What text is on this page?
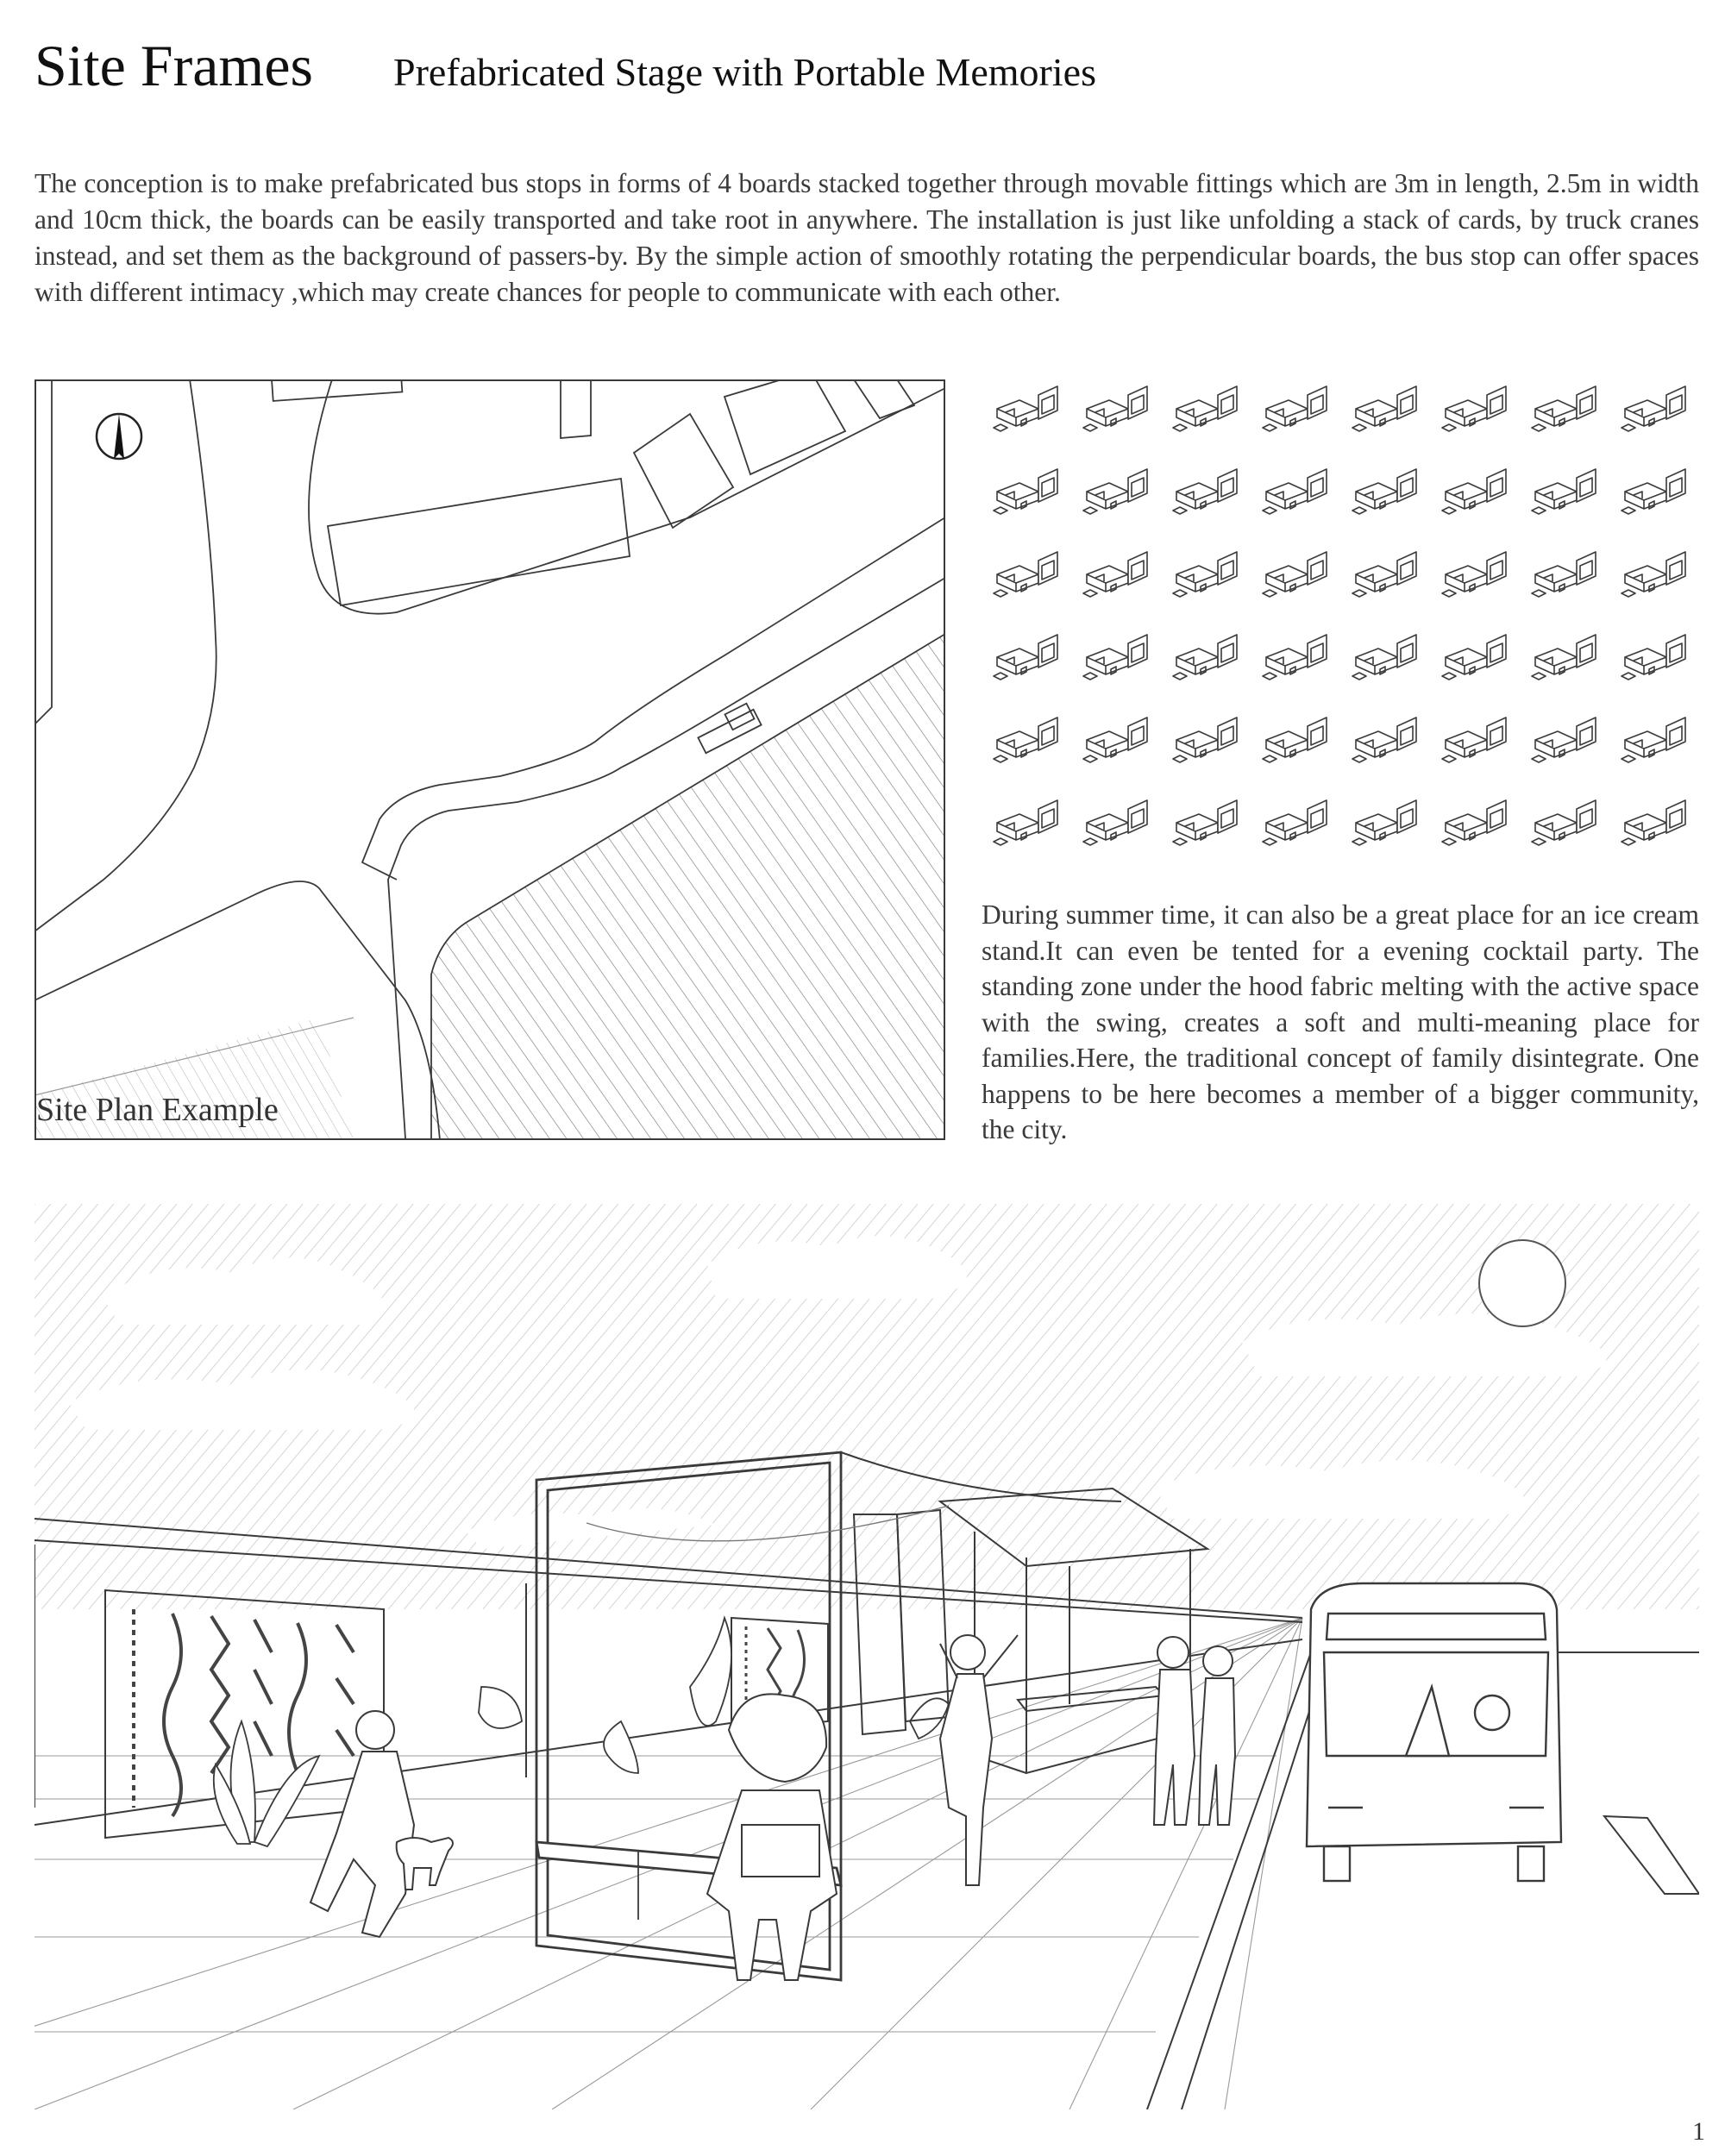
Site Frames Prefabricated Stage with Portable Memories

The conception is to make prefabricated bus stops in forms of 4 boards stacked together through movable fittings which are 3m in length, 2.5m in width and 10cm thick, the boards can be easily transported and take root in anywhere. The installation is just like unfolding a stack of cards, by truck cranes instead, and set them as the background of passers-by. By the simple action of smoothly rotating the perpendicular boards, the bus stop can offer spaces with different intimacy ,which may create chances for people to communicate with each other.

Site Plan Example

During summer time, it can also be a great place for an ice cream stand.It can even be tented for a evening cocktail party. The standing zone under the hood fabric melting with the active space with the swing, creates a soft and multi-meaning place for families.Here, the traditional concept of family disintegrate. One happens to be here becomes a member of a bigger community, the city.

1
